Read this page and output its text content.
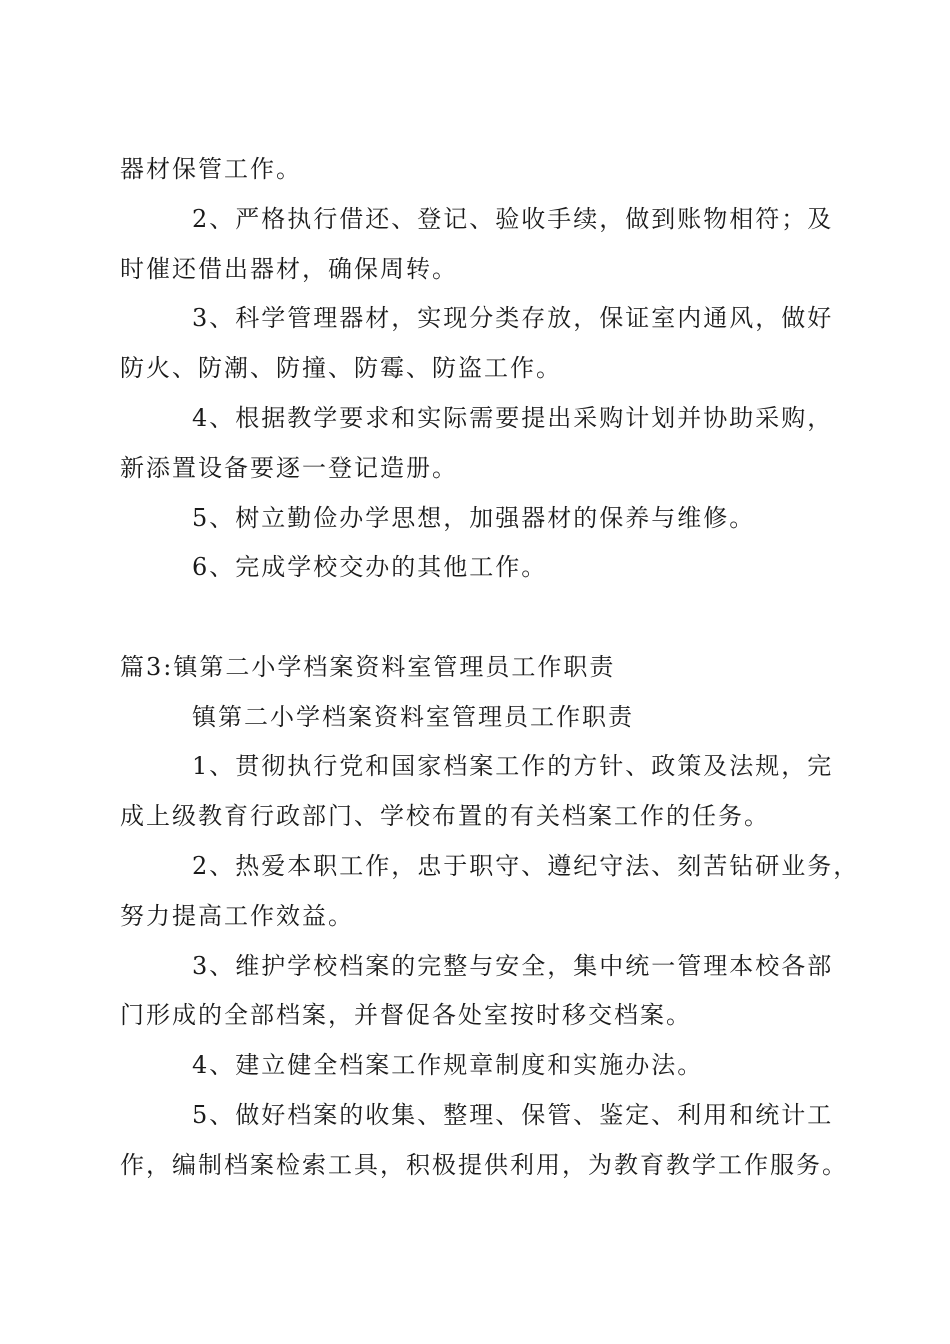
器材保管工作。
2、严格执行借还、登记、验收手续，做到账物相符；及
时催还借出器材，确保周转。
3、科学管理器材，实现分类存放，保证室内通风，做好
防火、防潮、防撞、防霉、防盗工作。
4、根据教学要求和实际需要提出采购计划并协助采购，
新添置设备要逐一登记造册。
5、树立勤俭办学思想，加强器材的保养与维修。
6、完成学校交办的其他工作。
篇3:镇第二小学档案资料室管理员工作职责
镇第二小学档案资料室管理员工作职责
1、贯彻执行党和国家档案工作的方针、政策及法规，完
成上级教育行政部门、学校布置的有关档案工作的任务。
2、热爱本职工作，忠于职守、遵纪守法、刻苦钻研业务，
努力提高工作效益。
3、维护学校档案的完整与安全，集中统一管理本校各部
门形成的全部档案，并督促各处室按时移交档案。
4、建立健全档案工作规章制度和实施办法。
5、做好档案的收集、整理、保管、鉴定、利用和统计工
作，编制档案检索工具，积极提供利用，为教育教学工作服务。
